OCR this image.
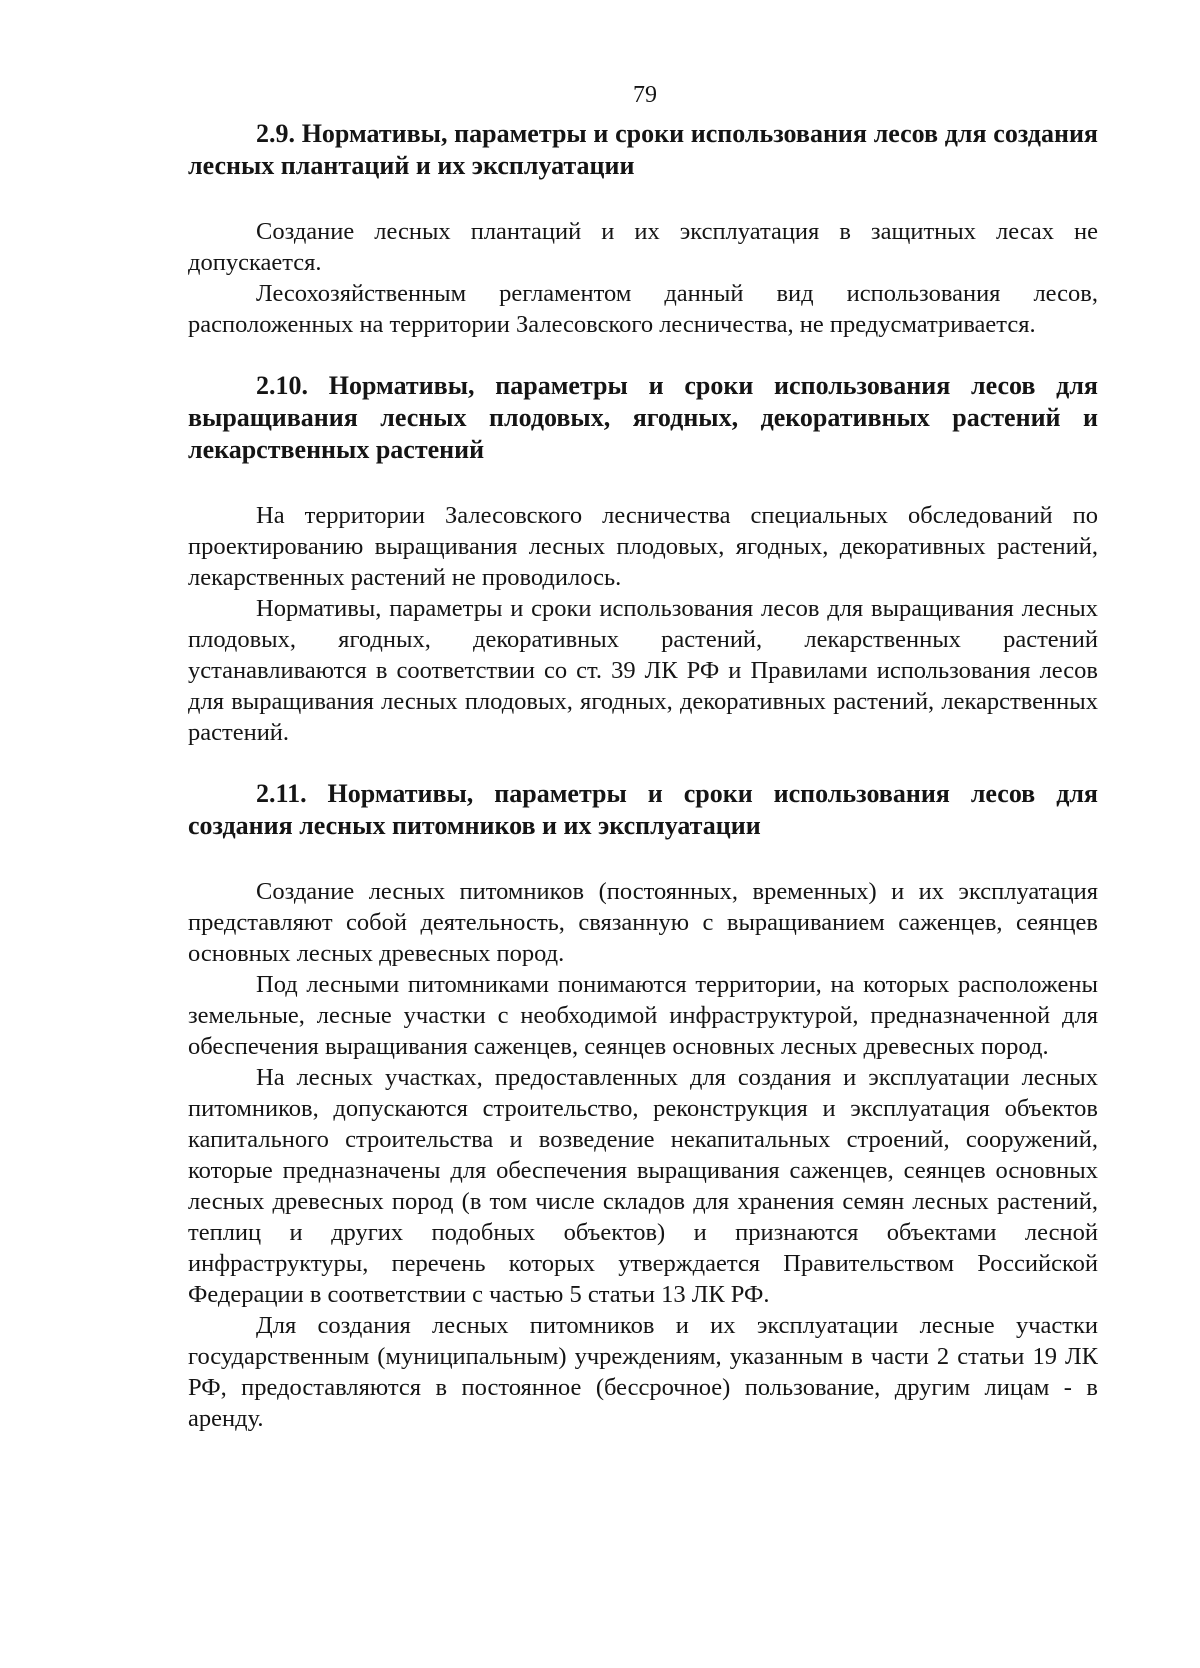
79
2.9. Нормативы, параметры и сроки использования лесов для создания лесных плантаций и их эксплуатации

Создание лесных плантаций и их эксплуатация в защитных лесах не допускается.

Лесохозяйственным регламентом данный вид использования лесов, расположенных на территории Залесовского лесничества, не предусматривается.

2.10. Нормативы, параметры и сроки использования лесов для выращивания лесных плодовых, ягодных, декоративных растений и лекарственных растений

На территории Залесовского лесничества специальных обследований по проектированию выращивания лесных плодовых, ягодных, декоративных растений, лекарственных растений не проводилось.

Нормативы, параметры и сроки использования лесов для выращивания лесных плодовых, ягодных, декоративных растений, лекарственных растений устанавливаются в соответствии со ст. 39 ЛК РФ и Правилами использования лесов для выращивания лесных плодовых, ягодных, декоративных растений, лекарственных растений.

2.11. Нормативы, параметры и сроки использования лесов для создания лесных питомников и их эксплуатации

Создание лесных питомников (постоянных, временных) и их эксплуатация представляют собой деятельность, связанную с выращиванием саженцев, сеянцев основных лесных древесных пород.

Под лесными питомниками понимаются территории, на которых расположены земельные, лесные участки с необходимой инфраструктурой, предназначенной для обеспечения выращивания саженцев, сеянцев основных лесных древесных пород.

На лесных участках, предоставленных для создания и эксплуатации лесных питомников, допускаются строительство, реконструкция и эксплуатация объектов капитального строительства и возведение некапитальных строений, сооружений, которые предназначены для обеспечения выращивания саженцев, сеянцев основных лесных древесных пород (в том числе складов для хранения семян лесных растений, теплиц и других подобных объектов) и признаются объектами лесной инфраструктуры, перечень которых утверждается Правительством Российской Федерации в соответствии с частью 5 статьи 13 ЛК РФ.

Для создания лесных питомников и их эксплуатации лесные участки государственным (муниципальным) учреждениям, указанным в части 2 статьи 19 ЛК РФ, предоставляются в постоянное (бессрочное) пользование, другим лицам - в аренду.
